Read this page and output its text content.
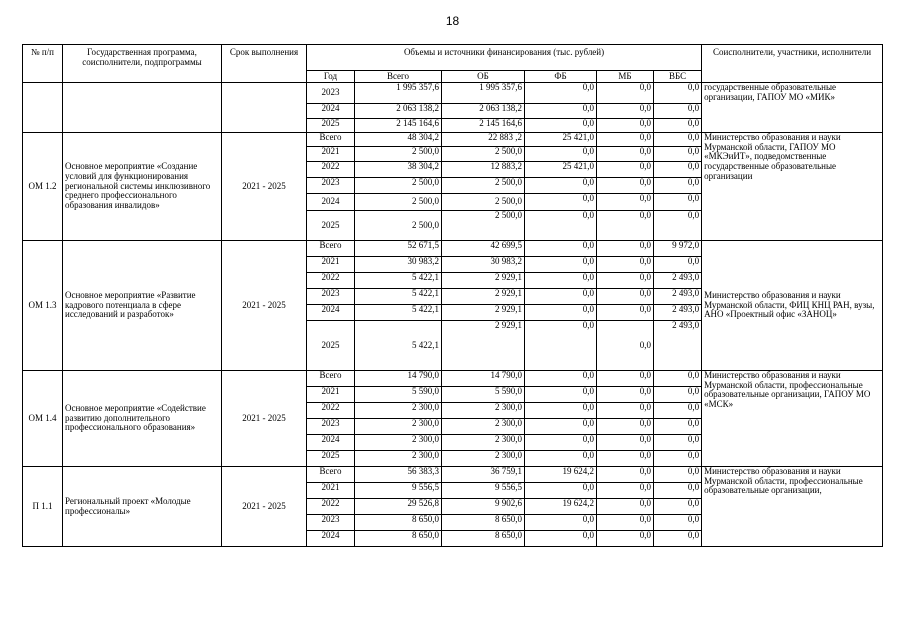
18
№ п/п	Государственная программа, соисполнители, подпрограммы	Срок выполнения	Объемы и источники финансирования (тыс. рублей)						Соисполнители, участники, исполнители
			Год	Всего	ОБ	ФБ	МБ	ВБС	
			2023	1 995 357,6	1 995 357,6	0,0	0,0	0,0	государственные образовательные организации, ГАПОУ МО «МИК»
			2024	2 063 138,2	2 063 138,2	0,0	0,0	0,0	
			2025	2 145 164,6	2 145 164,6	0,0	0,0	0,0	
ОМ 1.2	Основное мероприятие «Создание условий для функционирования региональной системы инклюзивного среднего профессионального образования инвалидов»	2021 - 2025	Всего	48 304,2	22 883 ,2	25 421,0	0,0	0,0	Министерство образования и науки Мурманской области, ГАПОУ МО «МКЭиИТ», подведомственные государственные образовательные организации
			2021	2 500,0	2 500,0	0,0	0,0	0,0	
			2022	38 304,2	12 883,2	25 421,0	0,0	0,0	
			2023	2 500,0	2 500,0	0,0	0,0	0,0	
			2024	2 500,0	2 500,0	0,0	0,0	0,0	
			2025	2 500,0	2 500,0	0,0	0,0	0,0	
ОМ 1.3	Основное мероприятие «Развитие кадрового потенциала в сфере исследований и разработок»	2021 - 2025	Всего	52 671,5	42 699,5	0,0	0,0	9 972,0	Министерство образования и науки Мурманской области, ФИЦ КНЦ РАН, вузы, АНО «Проектный офис «ЗАНОЦ»
			2021	30 983,2	30 983,2	0,0	0,0	0,0	
			2022	5 422,1	2 929,1	0,0	0,0	2 493,0	
			2023	5 422,1	2 929,1	0,0	0,0	2 493,0	
			2024	5 422,1	2 929,1	0,0	0,0	2 493,0	
			2025	5 422,1	2 929,1	0,0	0,0	2 493,0	
ОМ 1.4	Основное мероприятие «Содействие развитию дополнительного профессионального образования»	2021 - 2025	Всего	14 790,0	14 790,0	0,0	0,0	0,0	Министерство образования и науки Мурманской области, профессиональные образовательные организации, ГАПОУ МО «МСК»
			2021	5 590,0	5 590,0	0,0	0,0	0,0	
			2022	2 300,0	2 300,0	0,0	0,0	0,0	
			2023	2 300,0	2 300,0	0,0	0,0	0,0	
			2024	2 300,0	2 300,0	0,0	0,0	0,0	
			2025	2 300,0	2 300,0	0,0	0,0	0,0	
П 1.1	Региональный проект «Молодые профессионалы»	2021 - 2025	Всего	56 383,3	36 759,1	19 624,2	0,0	0,0	Министерство образования и науки Мурманской области, профессиональные образовательные организации,
			2021	9 556,5	9 556,5	0,0	0,0	0,0	
			2022	29 526,8	9 902,6	19 624,2	0,0	0,0	
			2023	8 650,0	8 650,0	0,0	0,0	0,0	
			2024	8 650,0	8 650,0	0,0	0,0	0,0	
